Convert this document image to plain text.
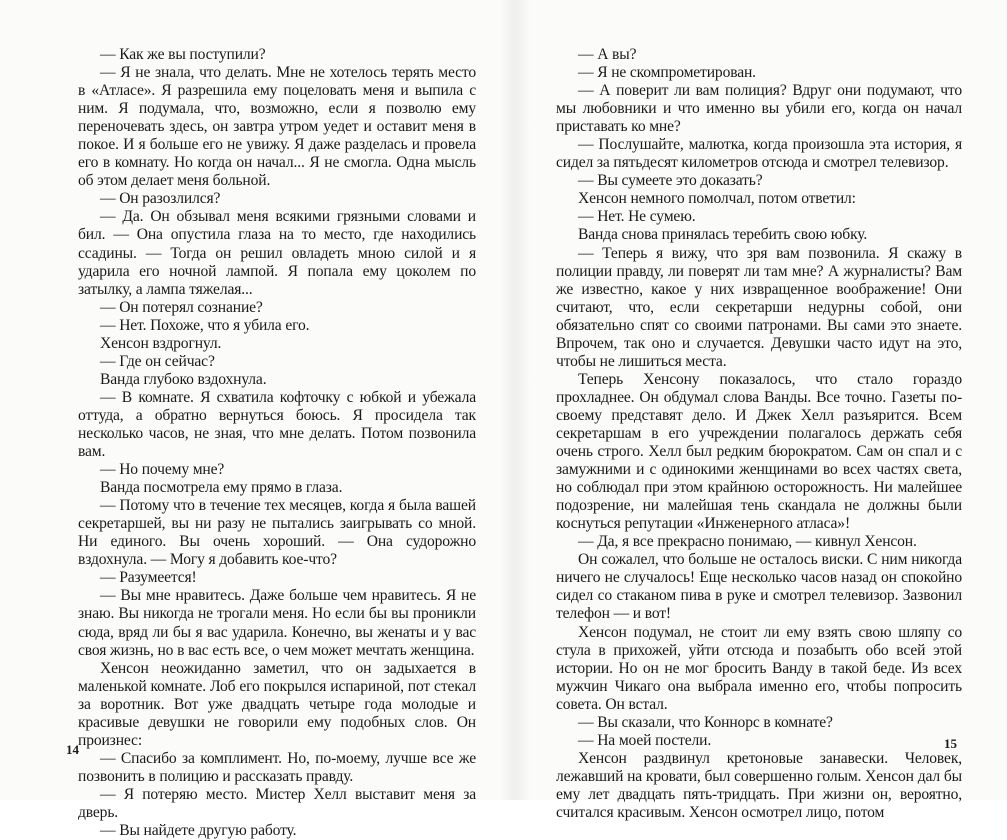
— Как же вы поступили?

— Я не знала, что делать. Мне не хотелось терять место в «Атласе». Я разрешила ему поцеловать меня и выпила с ним. Я подумала, что, возможно, если я позволю ему переночевать здесь, он завтра утром уедет и оставит меня в покое. И я больше его не увижу. Я даже разделась и провела его в комнату. Но когда он начал... Я не смогла. Одна мысль об этом делает меня больной.

— Он разозлился?

— Да. Он обзывал меня всякими грязными словами и бил. — Она опустила глаза на то место, где находились ссадины. — Тогда он решил овладеть мною силой и я ударила его ночной лампой. Я попала ему цоколем по затылку, а лампа тяжелая...

— Он потерял сознание?

— Нет. Похоже, что я убила его.

Хенсон вздрогнул.

— Где он сейчас?

Ванда глубоко вздохнула.

— В комнате. Я схватила кофточку с юбкой и убежала оттуда, а обратно вернуться боюсь. Я просидела так несколько часов, не зная, что мне делать. Потом позвонила вам.

— Но почему мне?

Ванда посмотрела ему прямо в глаза.

— Потому что в течение тех месяцев, когда я была вашей секретаршей, вы ни разу не пытались заигрывать со мной. Ни единого. Вы очень хороший. — Она судорожно вздохнула. — Могу я добавить кое-что?

— Разумеется!

— Вы мне нравитесь. Даже больше чем нравитесь. Я не знаю. Вы никогда не трогали меня. Но если бы вы проникли сюда, вряд ли бы я вас ударила. Конечно, вы женаты и у вас своя жизнь, но в вас есть все, о чем может мечтать женщина.

Хенсон неожиданно заметил, что он задыхается в маленькой комнате. Лоб его покрылся испариной, пот стекал за воротник. Вот уже двадцать четыре года молодые и красивые девушки не говорили ему подобных слов. Он произнес:

— Спасибо за комплимент. Но, по-моему, лучше все же позвонить в полицию и рассказать правду.

— Я потеряю место. Мистер Хелл выставит меня за дверь.

— Вы найдете другую работу.

— А вы?

— Я не скомпрометирован.

— А поверит ли вам полиция? Вдруг они подумают, что мы любовники и что именно вы убили его, когда он начал приставать ко мне?

— Послушайте, малютка, когда произошла эта история, я сидел за пятьдесят километров отсюда и смотрел телевизор.

— Вы сумеете это доказать?

Хенсон немного помолчал, потом ответил:

— Нет. Не сумею.

Ванда снова принялась теребить свою юбку.

— Теперь я вижу, что зря вам позвонила. Я скажу в полиции правду, ли поверят ли там мне? А журналисты? Вам же известно, какое у них извращенное воображение! Они считают, что, если секретарши недурны собой, они обязательно спят со своими патронами. Вы сами это знаете. Впрочем, так оно и случается. Девушки часто идут на это, чтобы не лишиться места.

Теперь Хенсону показалось, что стало гораздо прохладнее. Он обдумал слова Ванды. Все точно. Газеты по-своему представят дело. И Джек Хелл разъярится. Всем секретаршам в его учреждении полагалось держать себя очень строго. Хелл был редким бюрократом. Сам он спал и с замужними и с одинокими женщинами во всех частях света, но соблюдал при этом крайнюю осторожность. Ни малейшее подозрение, ни малейшая тень скандала не должны были коснуться репутации «Инженерного атласа»!

— Да, я все прекрасно понимаю, — кивнул Хенсон.

Он сожалел, что больше не осталось виски. С ним никогда ничего не случалось! Еще несколько часов назад он спокойно сидел со стаканом пива в руке и смотрел телевизор. Зазвонил телефон — и вот!

Хенсон подумал, не стоит ли ему взять свою шляпу со стула в прихожей, уйти отсюда и позабыть обо всей этой истории. Но он не мог бросить Ванду в такой беде. Из всех мужчин Чикаго она выбрала именно его, чтобы попросить совета. Он встал.

— Вы сказали, что Коннорс в комнате?

— На моей постели.

Хенсон раздвинул кретоновые занавески. Человек, лежавший на кровати, был совершенно голым. Хенсон дал бы ему лет двадцать пять-тридцать. При жизни он, вероятно, считался красивым. Хенсон осмотрел лицо, потом

14	15
